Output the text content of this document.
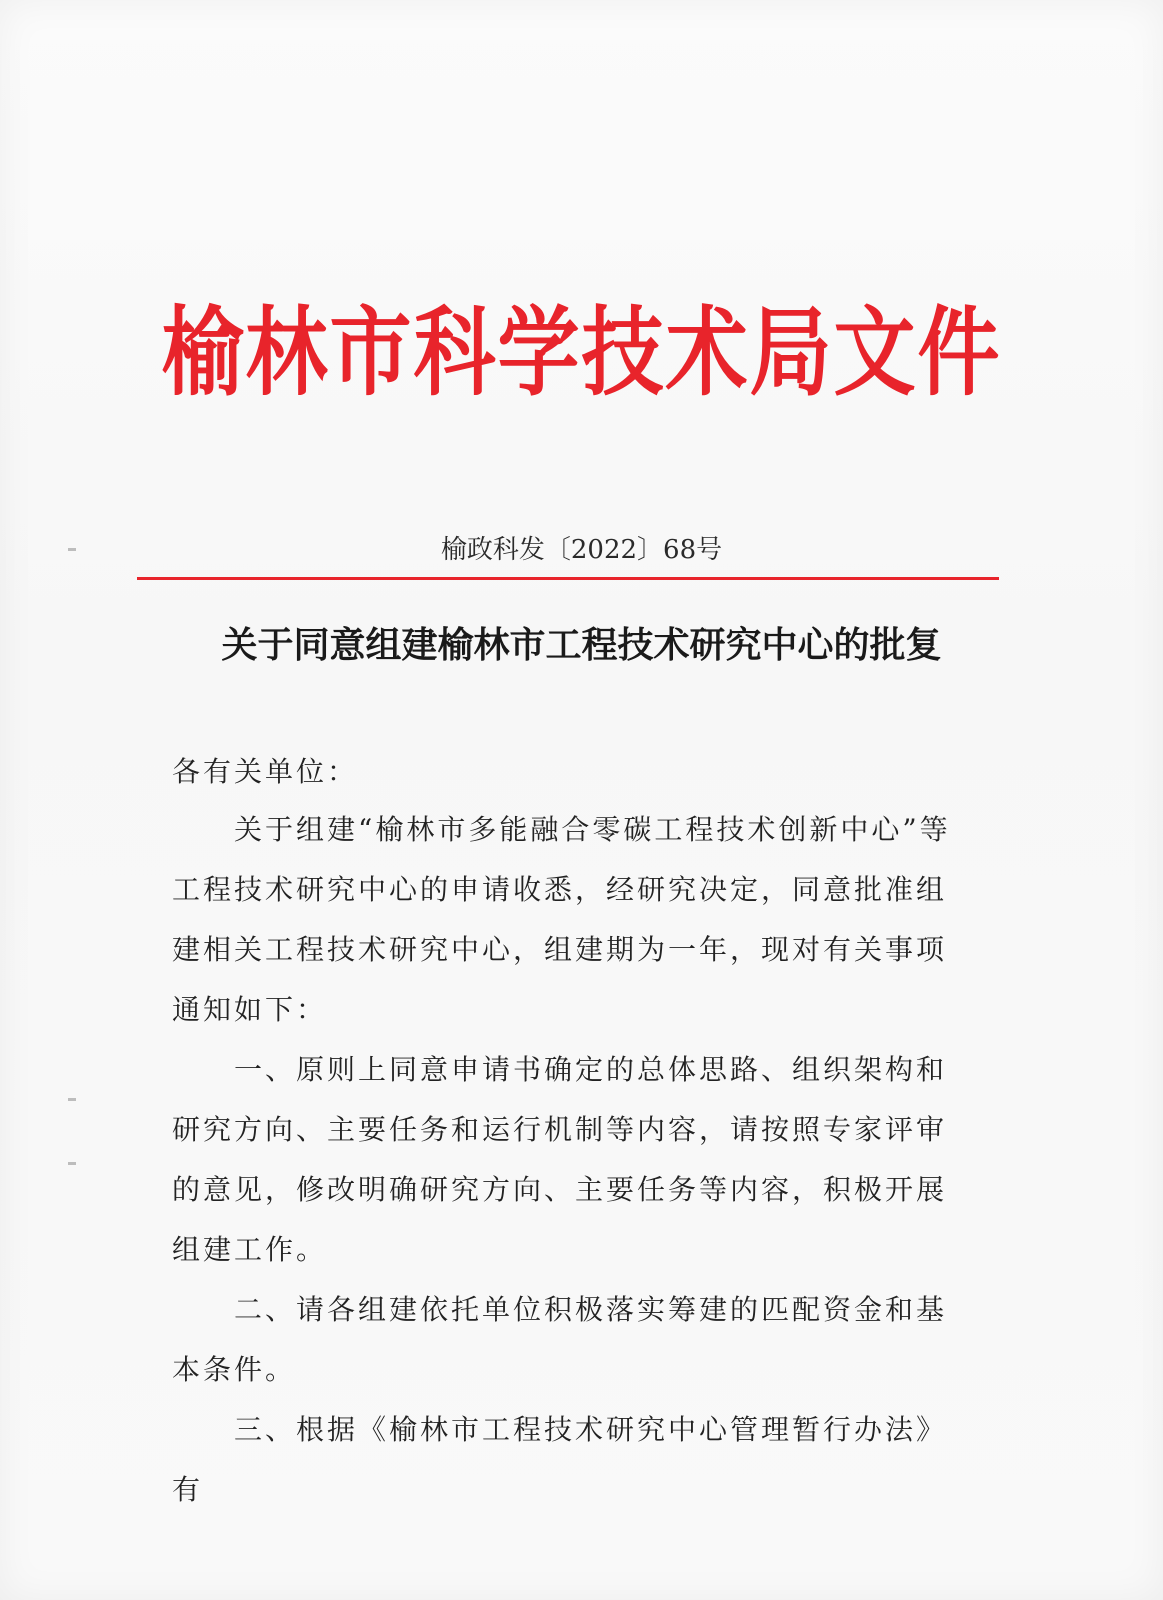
榆林市科学技术局文件
榆政科发〔2022〕68号
关于同意组建榆林市工程技术研究中心的批复

各有关单位：

关于组建“榆林市多能融合零碳工程技术创新中心”等工程技术研究中心的申请收悉，经研究决定，同意批准组建相关工程技术研究中心，组建期为一年，现对有关事项通知如下：

一、原则上同意申请书确定的总体思路、组织架构和研究方向、主要任务和运行机制等内容，请按照专家评审的意见，修改明确研究方向、主要任务等内容，积极开展组建工作。

二、请各组建依托单位积极落实筹建的匹配资金和基本条件。

三、根据《榆林市工程技术研究中心管理暂行办法》有
